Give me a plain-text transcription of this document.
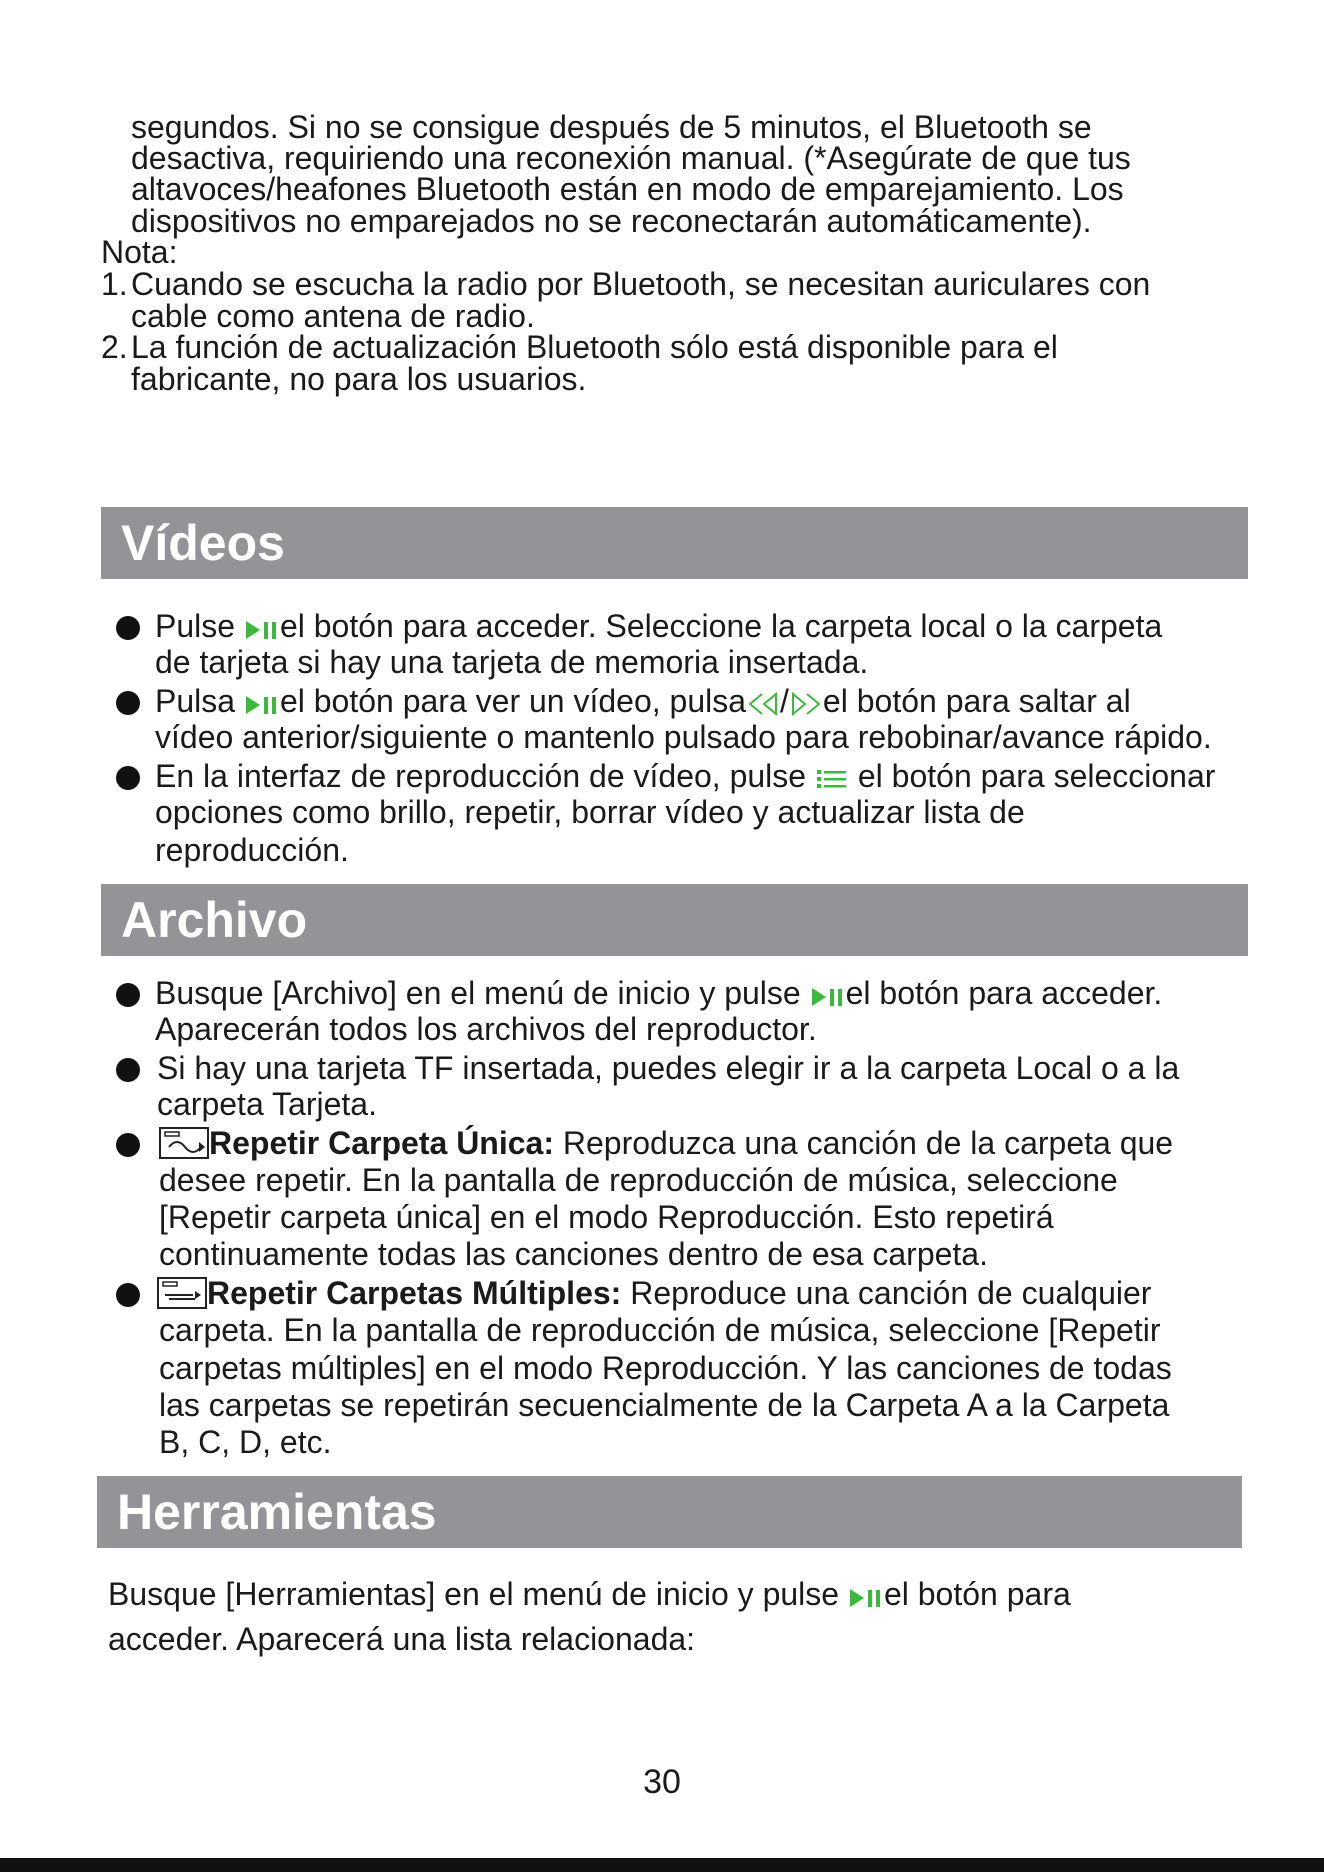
segundos. Si no se consigue después de 5 minutos, el Bluetooth se
desactiva, requiriendo una reconexión manual. (*Asegúrate de que tus
altavoces/heafones Bluetooth están en modo de emparejamiento. Los
dispositivos no emparejados no se reconectarán automáticamente).
Nota:
1. Cuando se escucha la radio por Bluetooth, se necesitan auriculares con
cable como antena de radio.
2. La función de actualización Bluetooth sólo está disponible para el
fabricante, no para los usuarios.
Vídeos
Pulse el botón para acceder. Seleccione la carpeta local o la carpeta
de tarjeta si hay una tarjeta de memoria insertada.
Pulsa el botón para ver un vídeo, pulsa / el botón para saltar al
vídeo anterior/siguiente o mantenlo pulsado para rebobinar/avance rápido.
En la interfaz de reproducción de vídeo, pulse  el botón para seleccionar
opciones como brillo, repetir, borrar vídeo y actualizar lista de
reproducción.
Archivo
Busque [Archivo] en el menú de inicio y pulse el botón para acceder.
Aparecerán todos los archivos del reproductor.
Si hay una tarjeta TF insertada, puedes elegir ir a la carpeta Local o a la
carpeta Tarjeta.
Repetir Carpeta Única: Reproduzca una canción de la carpeta que
desee repetir. En la pantalla de reproducción de música, seleccione
[Repetir carpeta única] en el modo Reproducción. Esto repetirá
continuamente todas las canciones dentro de esa carpeta.
Repetir Carpetas Múltiples: Reproduce una canción de cualquier
carpeta. En la pantalla de reproducción de música, seleccione [Repetir
carpetas múltiples] en el modo Reproducción. Y las canciones de todas
las carpetas se repetirán secuencialmente de la Carpeta A a la Carpeta
B, C, D, etc.
Herramientas
Busque [Herramientas] en el menú de inicio y pulse el botón para
acceder. Aparecerá una lista relacionada:
30
